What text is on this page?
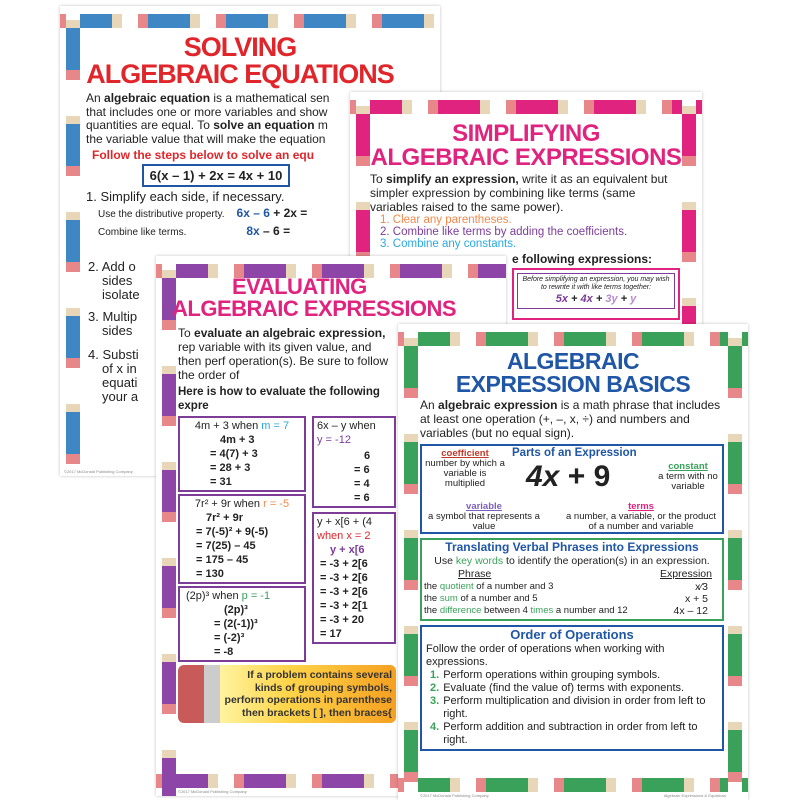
SOLVING
ALGEBRAIC EQUATIONS
An algebraic equation is a mathematical sen that includes one or more variables and show quantities are equal. To solve an equation m the variable value that will make the equation
Follow the steps below to solve an equ
6(x – 1) + 2x = 4x + 10
1. Simplify each side, if necessary.
Use the distributive property. 6x – 6 + 2x =
Combine like terms.	8x – 6 =
2. Add o
sides
isolate
3. Multip
sides
4. Substi
of x in
equati
your a
©2017 McDonald Publishing Company
SIMPLIFYING
ALGEBRAIC EXPRESSIONS
To simplify an expression, write it as an equivalent but simpler expression by combining like terms (same variables raised to the same power).
1. Clear any parentheses.
2. Combine like terms by adding the coefficients.
3. Combine any constants.
e following expressions:
Before simplifying an expression, you may wish to rewrite it with like terms together:
5x + 4x + 3y + y
EVALUATING
ALGEBRAIC EXPRESSIONS
To evaluate an algebraic expression, rep variable with its given value, and then perf operation(s). Be sure to follow the order of
Here is how to evaluate the following expre
4m + 3 when m = 7
4m + 3
= 4(7) + 3
= 28 + 3
= 31
7r² + 9r when r = -5
7r² + 9r
= 7(-5)² + 9(-5)
= 7(25) – 45
= 175 – 45
= 130
(2p)³ when p = -1
(2p)³
= (2(-1))³
= (-2)³
= -8
6x – y when
y = -12
6
= 6
= 4
= 6
y + x[6 + (4
when x = 2
y + x[6
= -3 + 2[6
= -3 + 2[6
= -3 + 2[6
= -3 + 2[1
= -3 + 20
= 17
If a problem contains several
kinds of grouping symbols,
perform operations in parenthese
then brackets [ ], then braces{
©2017 McDonald Publishing Company
ALGEBRAIC
EXPRESSION BASICS
An algebraic expression is a math phrase that includes at least one operation (+, –, x, ÷) and numbers and variables (but no equal sign).
Parts of an Expression
coefficient
number by which a variable is multiplied
constant
a term with no variable
4x + 9
variable
a symbol that represents a value
terms
a number, a variable, or the product of a number and variable
Translating Verbal Phrases into Expressions
Use key words to identify the operation(s) in an expression.
Phrase	Expression
the quotient of a number and 3	x⁄3
the sum of a number and 5	x + 5
the difference between 4 times a number and 12	4x – 12
Order of Operations
Follow the order of operations when working with expressions.
1. Perform operations within grouping symbols.
2. Evaluate (find the value of) terms with exponents.
3. Perform multiplication and division in order from left to right.
4. Perform addition and subtraction in order from left to right.
©2017 McDonald Publishing Company	Algebraic Expressions & Equations
